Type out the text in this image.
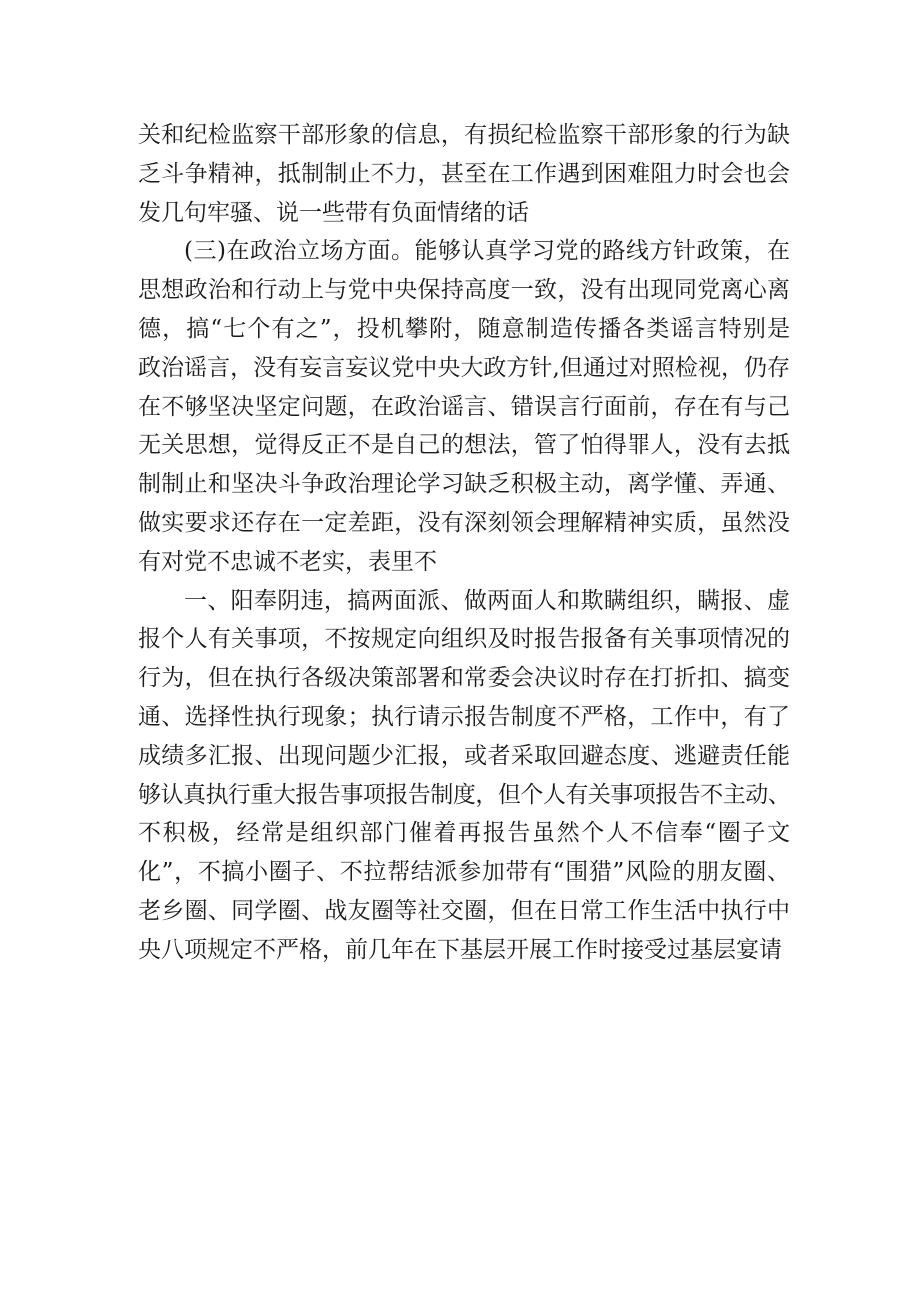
关和纪检监察干部形象的信息，有损纪检监察干部形象的行为缺
乏斗争精神，抵制制止不力，甚至在工作遇到困难阻力时会也会
发几句牢骚、说一些带有负面情绪的话

(三)在政治立场方面。能够认真学习党的路线方针政策，在
思想政治和行动上与党中央保持高度一致，没有出现同党离心离
德，搞“七个有之”，投机攀附，随意制造传播各类谣言特别是
政治谣言，没有妄言妄议党中央大政方针,但通过对照检视，仍存
在不够坚决坚定问题，在政治谣言、错误言行面前，存在有与己
无关思想，觉得反正不是自己的想法，管了怕得罪人，没有去抵
制制止和坚决斗争政治理论学习缺乏积极主动，离学懂、弄通、
做实要求还存在一定差距，没有深刻领会理解精神实质，虽然没
有对党不忠诚不老实，表里不

一、阳奉阴违，搞两面派、做两面人和欺瞒组织，瞒报、虚
报个人有关事项，不按规定向组织及时报告报备有关事项情况的
行为，但在执行各级决策部署和常委会决议时存在打折扣、搞变
通、选择性执行现象；执行请示报告制度不严格，工作中，有了
成绩多汇报、出现问题少汇报，或者采取回避态度、逃避责任能
够认真执行重大报告事项报告制度，但个人有关事项报告不主动、
不积极，经常是组织部门催着再报告虽然个人不信奉“圈子文
化”，不搞小圈子、不拉帮结派参加带有“围猎”风险的朋友圈、
老乡圈、同学圈、战友圈等社交圈，但在日常工作生活中执行中
央八项规定不严格，前几年在下基层开展工作时接受过基层宴请
